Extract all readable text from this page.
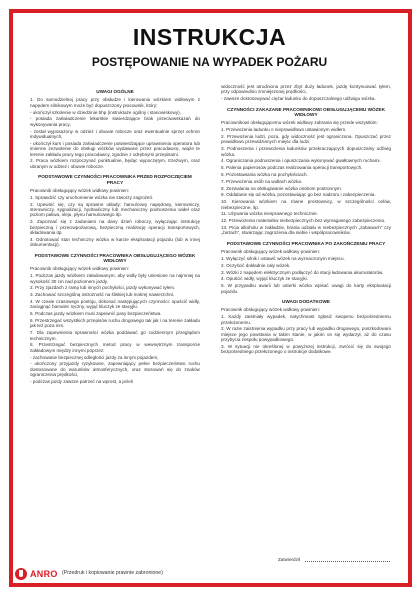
INSTRUKCJA
POSTĘPOWANIE NA WYPADEK POŻARU
UWAGI OGÓLNE
1. Do samodzielnej pracy przy obsłudze i kierowaniu wózkiem widłowym z napędem silnikowym może być dopuszczony pracownik, który:
- ukończył szkolenie w dziedzinie bhp (instruktaże ogólny i stanowiskowy),
- posiada zaświadczenie lekarskie stwierdzające brak przeciwwskazań do wykonywania pracy,
- został wyposażony w odzież i obuwie robocze oraz ewentualnie sprzęt ochron indywidualnych,
- ukończył kurs i posiada zaświadczenie potwierdzające uprawnienia operatora lub imienne zezwolenie do obsługi wózków wydawane przez pracodawcę, wiąże te terenie zakładu pracy tego pracodawcy, zgodnie z odrębnymi przepisami.
2. Praca wózkiem rozpoczynać punktualnie, będąc wypoczętym, trzeźwym, oraz ubranym w odzież i obuwie robocze.
PODSTAWOWE CZYNNOŚCI PRACOWNIKA PRZED ROZPOCZĘCIEM PRACY
Pracownik obsługujący wózek widłowy powinien:
1. Sprawdzić czy uruchomienie wózka nie stworzy zagrożeń.
2. Upewnić się, czy są sprawne układy: hamulcowy napędowy, kierowniczy, sterowniczy, sygnalizacji, hydrauliczny lub mechaniczny podnoszenia wideł oraz poziom paliwa, oleju, płynu hamulcowego itp.
3. Zapoznać się z zadaniami na dany dzień roboczy, wyłączając instrukcję bezpieczną i przeciwpożarową, bezpieczną realizację operacji transportowych, składowania itp.
4. Odnotować stan techniczny wózka w karcie eksploatacji pojazdu (lub w innej dokumentacji).
PODSTAWOWE CZYNNOŚCI PRACOWNIKA OBSŁUGUJĄCEGO WÓZEK WIDŁOWY
Pracownik obsługujący wózek widłowy powinien:
1. Podczas jazdy wózkiem załadowanym, aby widły były uniesione na najmniej na wysokość 30 cm nad poziomem jazdy.
2. Przy zjazdach z ramp lub innych pochyłości, jazdy wykonywać tyłem.
3. Zachować szczególną ostrożność na śliskiej lub mokrej nawierzchni.
4. W czasie czasowego postoju, dokonać następujących czynności: opuścić widły, zaciągnąć hamulec ręczny, wyjąć kluczyk ze stacyjki.
5. Podczas jazdy wózkiem musi zapewnić pasy bezpieczeństwa.
6. Przestrzegać wszystkich przepisów ruchu drogowego tak jak i na terenie zakładu jak też poza nim.
7. Dla zapewnienia sprawności wózka poddawać go codziennym przeglądom technicznym.
8. Przestrzegać bezpiecznych metod pracy w wewnętrznym transporcie zakładowym między innymi poprzez:
- zachowanie bezpiecznej odległości jazdy za innym pojazdem,
- ukończony przyjazdy ryzykowne, zapewniający pełne bezpieczeństwo ruchu dostosowane do warunków atmosferycznych, oraz stosowań się do znaków ograniczenia prędkości,
- podczas jazdy zawsze patrzeć na wprost, a jeżeli
widoczność jest utrudniona przez zbyt duży ładunek, jazdę kontynuować tyłem, przy odpowiednio zmniejszonej prędkości,
- zawsze dostosowywać ciężar ładunku do dopuszczalnego udźwigu wózka.
CZYNNOŚCI ZAKAZANE PRACOWNIKOWI OBSŁUGUJĄCEMU WÓZEK WIDŁOWY
Pracownikowi obsługującemu wózek widłowy zabrania się przede wszystkim:
1. Przewożenia ładunku o nieprawidłowo ustawionym widłem.
2. Przewożenia ludzi, poza, gdy widoczność jest ograniczona. Opuszczać przez prawidłowo przewidzianych miejsc dla ludzi.
3. Podnoszenia i przewożenia ładunków przekraczających dopuszczalny udźwig wózka.
4. Ograniczania podnoszenia i opuszczania wykonywać gwałtownych ruchami.
5. Palenia papierosów podczas realizowania operacji transportowych.
6. Pozostawiania wózka na pochyłościach.
7. Przewożenia osób na widłach wózka.
8. Zezwalania na obsługiwanie wózka osobom postronnym.
9. Oddalanie się od wózka, pozostawiając go bez nadzoru i zabezpieczenia.
10. Kierowania wózkiem na równe prostownicy, w szczególności celów, niebezpieczne, itp.
11. Używania wózka niesprawnego technicznie.
12. Przewożenia materiałów niebezpiecznych bez wymaganego zabezpieczenia.
13. Picia alkoholu w zakładzie, brania udziału w niebezpiecznych „zabawach” czy „żartach”, stwarzając zagrożenia dla siebie i współpracowników.
PODSTAWOWE CZYNNOŚCI PRACOWNIKA PO ZAKOŃCZENIU PRACY
Pracownik obsługujący wózek widłowy powinien:
1. Wyłączyć silnik i ustawić wózek na wyznaczonym miejscu.
2. Oczyścić dokładnie cały wózek.
3. Wózki z napędem elektrycznym podłączyć do stacji ładowania akumulatorów.
4. Opuścić widły, wyjąć kluczyk ze stacyjki.
5. W przypadku awarii lub usterki wózka wpisać uwagi do karty eksploatacji pojazdu.
UWAGI DODATKOWE
Pracownik obsługujący wózek widłowy powinien:
1. Każdy zaistniały wypadek, natychmiast zgłosić swojemu bezpośredniemu przełożonemu.
2. W razie zaistnienia wypadku przy pracy lub wypadku drogowego, poszkodowani miejsce jego powstania w takim stanie, w jakim on się wydarzył, aż do czasu przybycia zespołu powypadkowego.
3. W sytuacji nie określonej w powyższej instrukcji, zwrócić się do swojego bezpośredniego przełożonego o instrukcje dodatkowe.
Zatwierdził
ANRO (Przedruk i kopiowanie prawnie zabronione)
